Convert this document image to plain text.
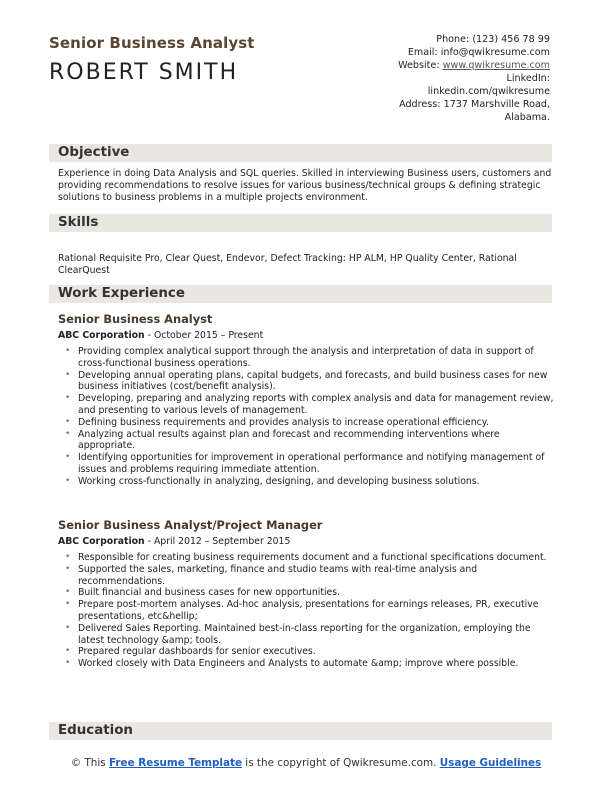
Senior Business Analyst
ROBERT SMITH
Phone: (123) 456 78 99
Email: info@qwikresume.com
Website: www.qwikresume.com
LinkedIn:
linkedin.com/qwikresume
Address: 1737 Marshville Road,
Alabama.
Objective
Experience in doing Data Analysis and SQL queries. Skilled in interviewing Business users, customers and providing recommendations to resolve issues for various business/technical groups & defining strategic solutions to business problems in a multiple projects environment.
Skills
Rational Requisite Pro, Clear Quest, Endevor, Defect Tracking: HP ALM, HP Quality Center, Rational ClearQuest
Work Experience
Senior Business Analyst
ABC Corporation - October 2015 – Present
• Providing complex analytical support through the analysis and interpretation of data in support of cross-functional business operations.
• Developing annual operating plans, capital budgets, and forecasts, and build business cases for new business initiatives (cost/benefit analysis).
• Developing, preparing and analyzing reports with complex analysis and data for management review, and presenting to various levels of management.
• Defining business requirements and provides analysis to increase operational efficiency.
• Analyzing actual results against plan and forecast and recommending interventions where appropriate.
• Identifying opportunities for improvement in operational performance and notifying management of issues and problems requiring immediate attention.
• Working cross-functionally in analyzing, designing, and developing business solutions.
Senior Business Analyst/Project Manager
ABC Corporation - April 2012 – September 2015
• Responsible for creating business requirements document and a functional specifications document.
• Supported the sales, marketing, finance and studio teams with real-time analysis and recommendations.
• Built financial and business cases for new opportunities.
• Prepare post-mortem analyses. Ad-hoc analysis, presentations for earnings releases, PR, executive presentations, etc&hellip;
• Delivered Sales Reporting. Maintained best-in-class reporting for the organization, employing the latest technology &amp; tools.
• Prepared regular dashboards for senior executives.
• Worked closely with Data Engineers and Analysts to automate &amp; improve where possible.
Education
© This Free Resume Template is the copyright of Qwikresume.com. Usage Guidelines
